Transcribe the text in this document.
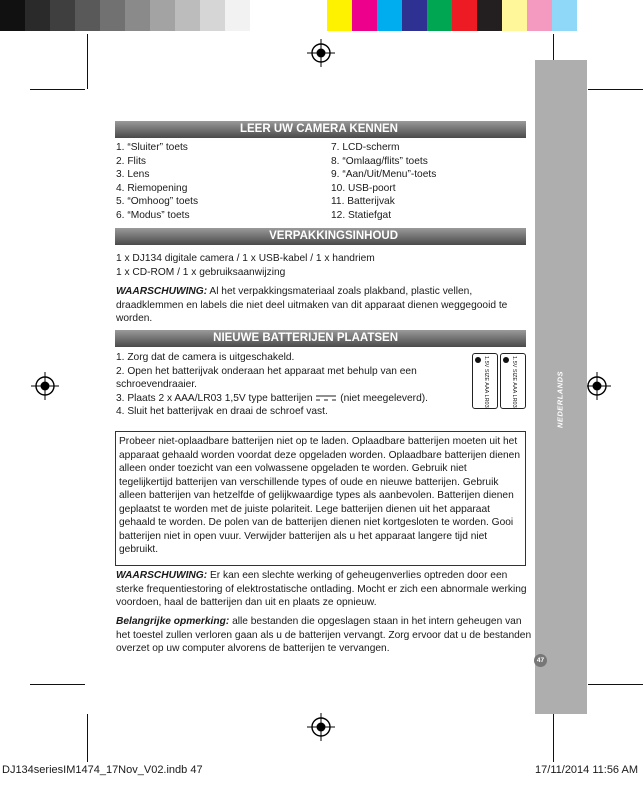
NEDERLANDS
47
LEER UW CAMERA KENNEN
1. “Sluiter” toets
2. Flits
3. Lens
4. Riemopening
5. “Omhoog” toets
6. “Modus” toets
7. LCD-scherm
8. “Omlaag/flits” toets
9. “Aan/Uit/Menu”-toets
10. USB-poort
11. Batterijvak
12. Statiefgat
VERPAKKINGSINHOUD
1 x DJ134 digitale camera / 1 x USB-kabel / 1 x handriem
1 x CD-ROM / 1 x gebruiksaanwijzing
WAARSCHUWING: Al het verpakkingsmateriaal zoals plakband, plastic vellen, draadklemmen en labels die niet deel uitmaken van dit apparaat dienen weggegooid te worden.
NIEUWE BATTERIJEN PLAATSEN
1. Zorg dat de camera is uitgeschakeld.
2. Open het batterijvak onderaan het apparaat met behulp van een
schroevendraaier.
3. Plaats 2 x AAA/LR03 1,5V type batterijen  (niet meegeleverd).
4. Sluit het batterijvak en draai de schroef vast.
1.5V SIZE AAA LR03
1.5V SIZE AAA LR03
Probeer niet-oplaadbare batterijen niet op te laden. Oplaadbare batterijen moeten uit het apparaat gehaald worden voordat deze opgeladen worden. Oplaadbare batterijen dienen alleen onder toezicht van een volwassene opgeladen te worden. Gebruik niet tegelijkertijd batterijen van verschillende types of oude en nieuwe batterijen. Gebruik alleen batterijen van hetzelfde of gelijkwaardige types als aanbevolen. Batterijen dienen geplaatst te worden met de juiste polariteit. Lege batterijen dienen uit het apparaat gehaald te worden. De polen van de batterijen dienen niet kortgesloten te worden. Gooi batterijen niet in open vuur. Verwijder batterijen als u het apparaat langere tijd niet gebruikt.
WAARSCHUWING: Er kan een slechte werking of geheugenverlies optreden door een sterke frequentiestoring of elektrostatische ontlading. Mocht er zich een abnormale werking voordoen, haal de batterijen dan uit en plaats ze opnieuw.
Belangrijke opmerking: alle bestanden die opgeslagen staan in het intern geheugen van het toestel zullen verloren gaan als u de batterijen vervangt. Zorg ervoor dat u de bestanden overzet op uw computer alvorens de batterijen te vervangen.
DJ134seriesIM1474_17Nov_V02.indb 47	17/11/2014 11:56 AM
